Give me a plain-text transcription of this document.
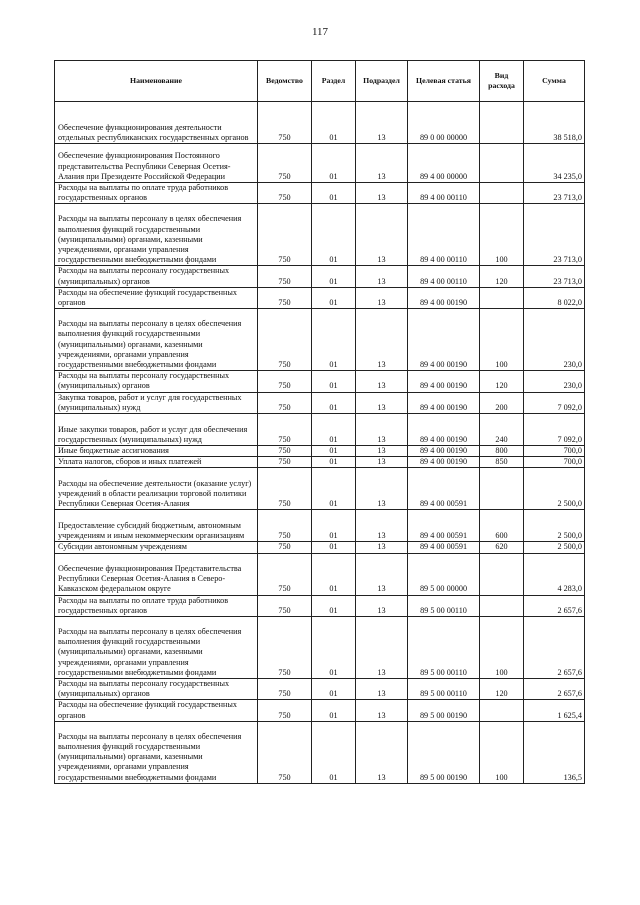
117
Наименование	Ведомство	Раздел	Подраздел	Целевая статья	Вид расхода	Сумма
Обеспечение функционирования деятельности отдельных республиканских государственных органов	750	01	13	89 0 00 00000		38 518,0
Обеспечение функционирования Постоянного представительства Республики Северная Осетия-Алания при Президенте Российской Федерации	750	01	13	89 4 00 00000		34 235,0
Расходы на выплаты по оплате труда работников государственных органов	750	01	13	89 4 00 00110		23 713,0
Расходы на выплаты персоналу в целях обеспечения выполнения функций государственными (муниципальными) органами, казенными учреждениями, органами управления государственными внебюджетными фондами	750	01	13	89 4 00 00110	100	23 713,0
Расходы на выплаты персоналу государственных (муниципальных) органов	750	01	13	89 4 00 00110	120	23 713,0
Расходы на обеспечение функций государственных органов	750	01	13	89 4 00 00190		8 022,0
Расходы на выплаты персоналу в целях обеспечения выполнения функций государственными (муниципальными) органами, казенными учреждениями, органами управления государственными внебюджетными фондами	750	01	13	89 4 00 00190	100	230,0
Расходы на выплаты персоналу государственных (муниципальных) органов	750	01	13	89 4 00 00190	120	230,0
Закупка товаров, работ и услуг для государственных (муниципальных) нужд	750	01	13	89 4 00 00190	200	7 092,0
Иные закупки товаров, работ и услуг для обеспечения государственных (муниципальных) нужд	750	01	13	89 4 00 00190	240	7 092,0
Иные бюджетные ассигнования	750	01	13	89 4 00 00190	800	700,0
Уплата налогов, сборов и иных платежей	750	01	13	89 4 00 00190	850	700,0
Расходы на обеспечение деятельности (оказание услуг) учреждений в области реализации торговой политики Республики Северная Осетия-Алания	750	01	13	89 4 00 00591		2 500,0
Предоставление субсидий бюджетным, автономным учреждениям и иным некоммерческим организациям	750	01	13	89 4 00 00591	600	2 500,0
Субсидии автономным учреждениям	750	01	13	89 4 00 00591	620	2 500,0
Обеспечение функционирования Представительства Республики Северная Осетия-Алания в Северо-Кавказском федеральном округе	750	01	13	89 5 00 00000		4 283,0
Расходы на выплаты по оплате труда работников государственных органов	750	01	13	89 5 00 00110		2 657,6
Расходы на выплаты персоналу в целях обеспечения выполнения функций государственными (муниципальными) органами, казенными учреждениями, органами управления государственными внебюджетными фондами	750	01	13	89 5 00 00110	100	2 657,6
Расходы на выплаты персоналу государственных (муниципальных) органов	750	01	13	89 5 00 00110	120	2 657,6
Расходы на обеспечение функций государственных органов	750	01	13	89 5 00 00190		1 625,4
Расходы на выплаты персоналу в целях обеспечения выполнения функций государственными (муниципальными) органами, казенными учреждениями, органами управления государственными внебюджетными фондами	750	01	13	89 5 00 00190	100	136,5
